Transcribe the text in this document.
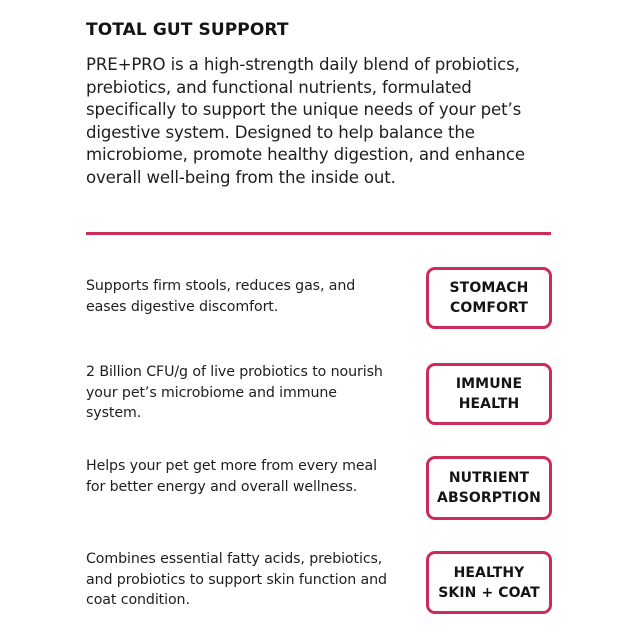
TOTAL GUT SUPPORT
PRE+PRO is a high-strength daily blend of probiotics, prebiotics, and functional nutrients, formulated specifically to support the unique needs of your pet’s digestive system. Designed to help balance the microbiome, promote healthy digestion, and enhance overall well-being from the inside out.
Supports firm stools, reduces gas, and eases digestive discomfort.
STOMACH
COMFORT
2 Billion CFU/g of live probiotics to nourish your pet’s microbiome and immune system.
IMMUNE
HEALTH
Helps your pet get more from every meal for better energy and overall wellness.
NUTRIENT
ABSORPTION
Combines essential fatty acids, prebiotics, and probiotics to support skin function and coat condition.
HEALTHY
SKIN + COAT
